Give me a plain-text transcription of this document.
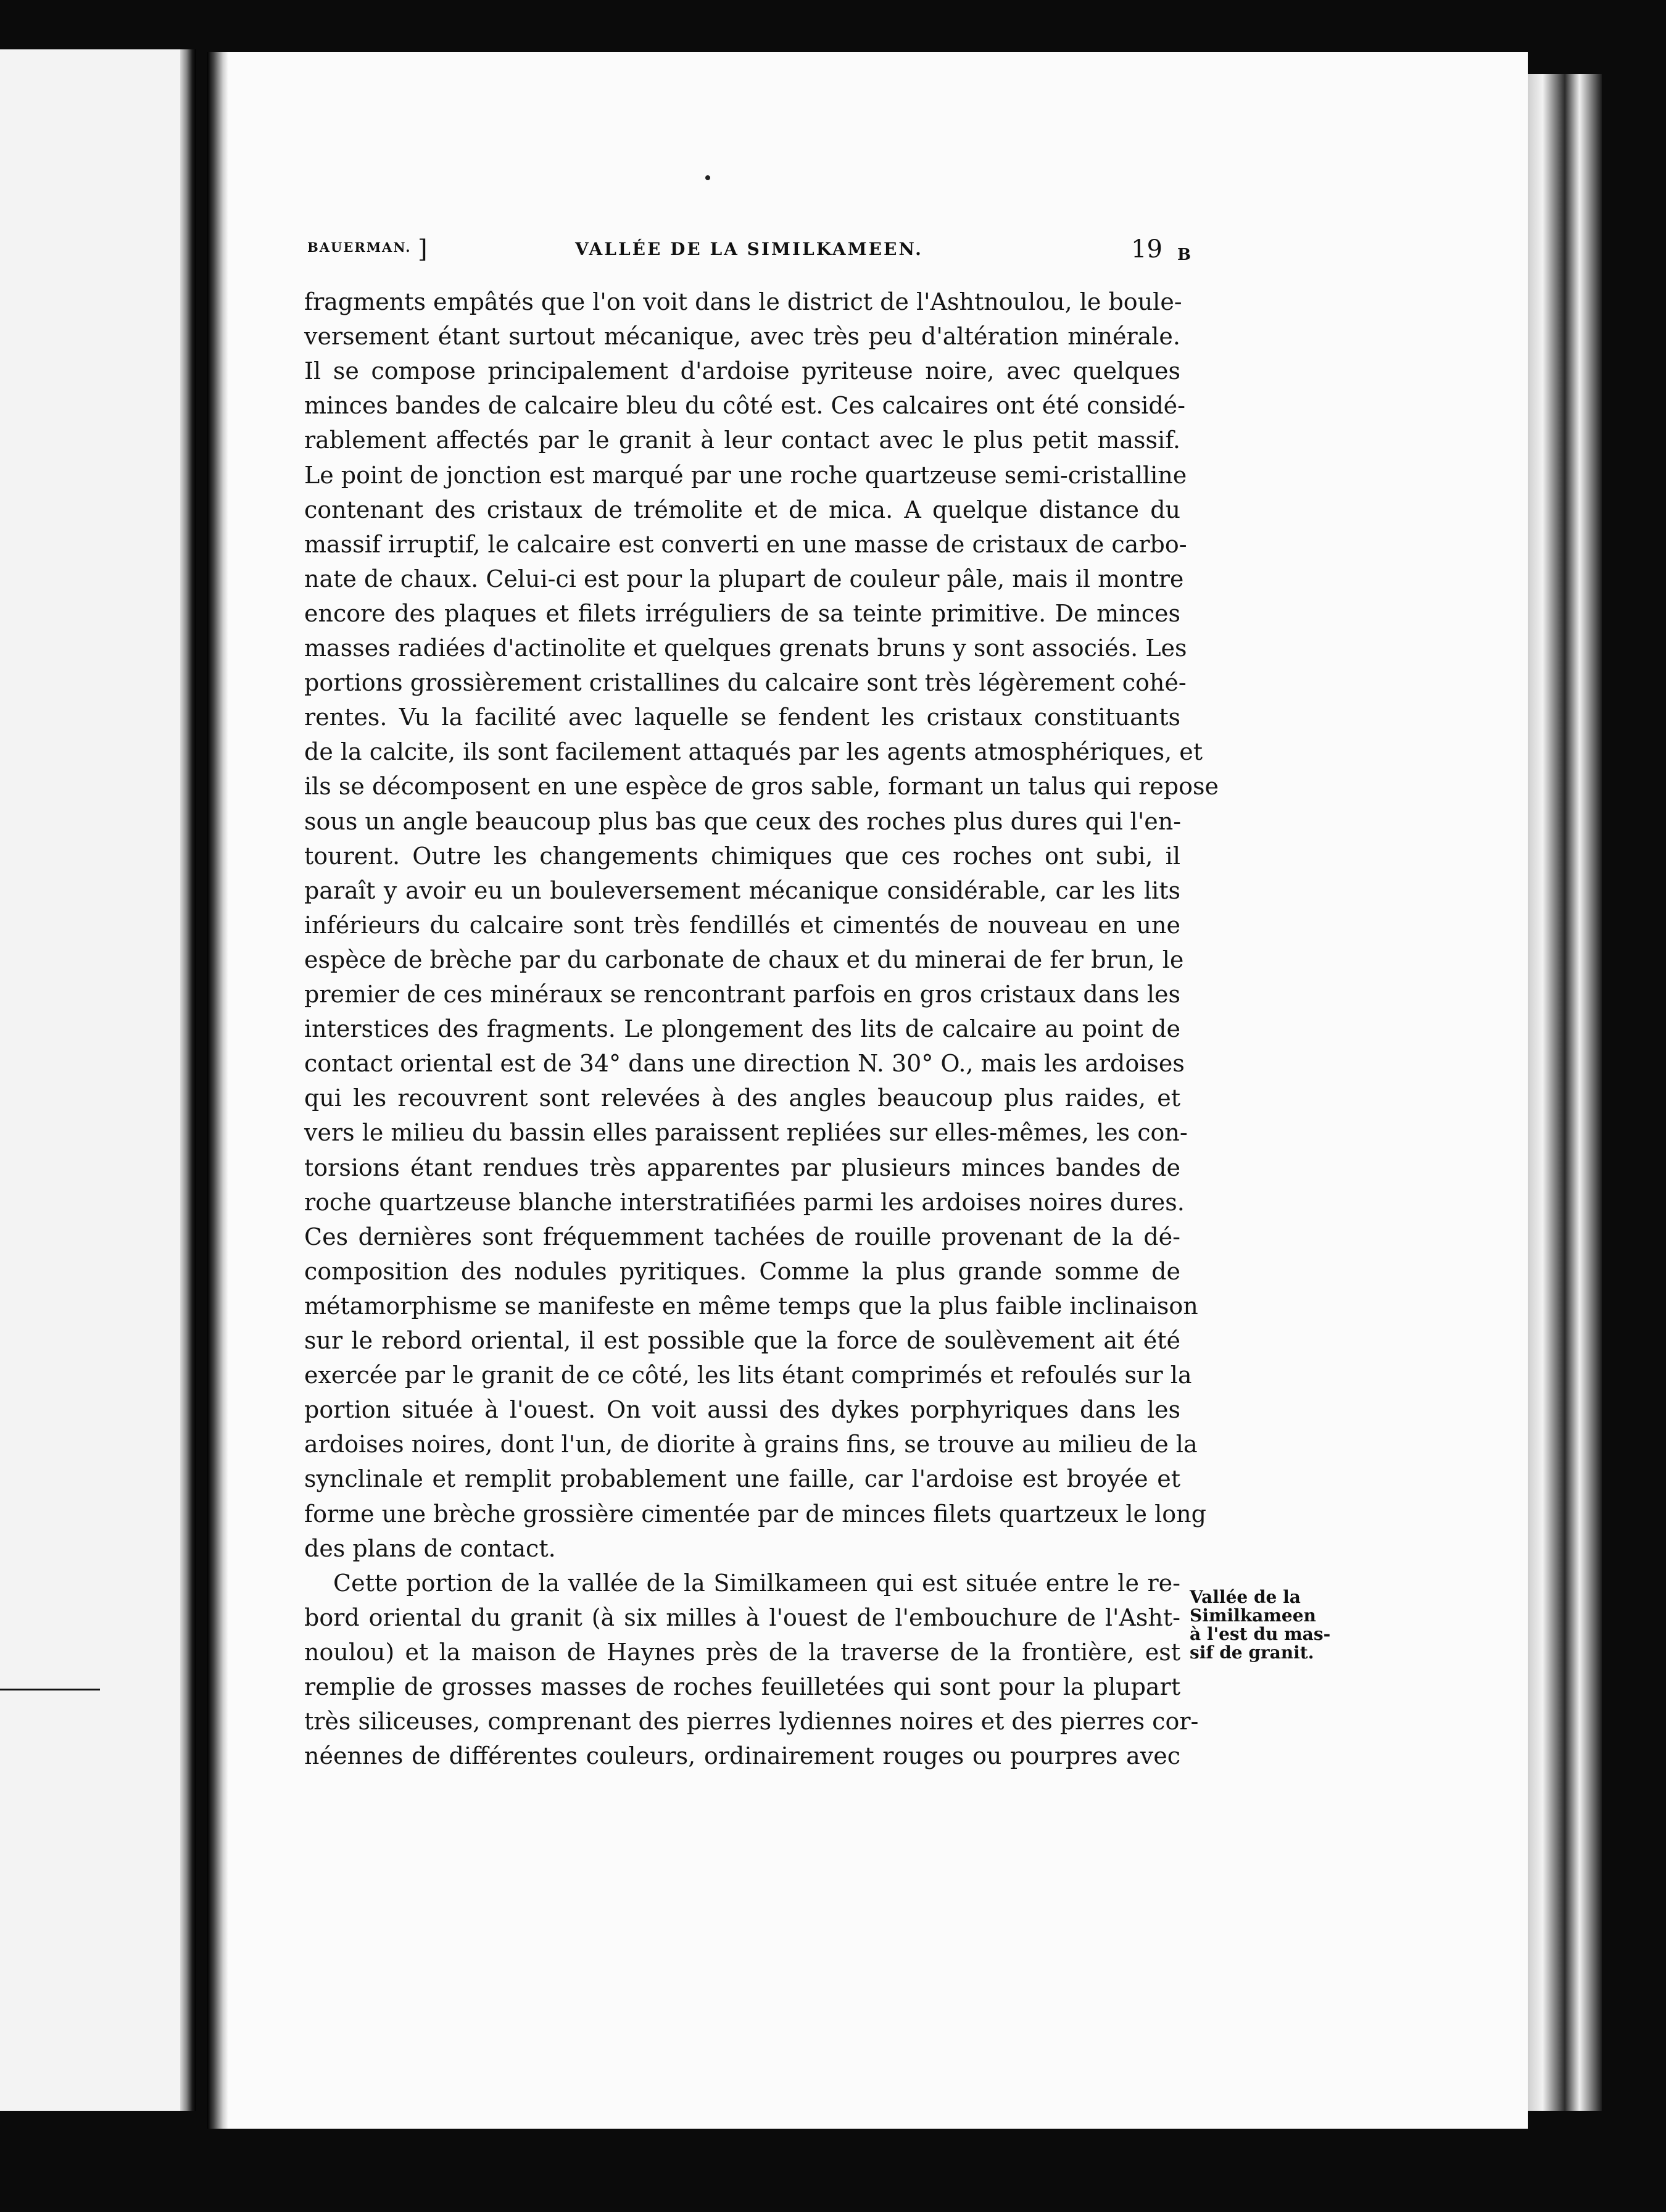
BAUERMAN. ]	VALLÉE DE LA SIMILKAMEEN.	19 B
fragments empâtés que l'on voit dans le district de l'Ashtnoulou, le boule-
versement étant surtout mécanique, avec très peu d'altération minérale.
Il se compose principalement d'ardoise pyriteuse noire, avec quelques
minces bandes de calcaire bleu du côté est. Ces calcaires ont été considé-
rablement affectés par le granit à leur contact avec le plus petit massif.
Le point de jonction est marqué par une roche quartzeuse semi-cristalline
contenant des cristaux de trémolite et de mica. A quelque distance du
massif irruptif, le calcaire est converti en une masse de cristaux de carbo-
nate de chaux. Celui-ci est pour la plupart de couleur pâle, mais il montre
encore des plaques et filets irréguliers de sa teinte primitive. De minces
masses radiées d'actinolite et quelques grenats bruns y sont associés. Les
portions grossièrement cristallines du calcaire sont très légèrement cohé-
rentes. Vu la facilité avec laquelle se fendent les cristaux constituants
de la calcite, ils sont facilement attaqués par les agents atmosphériques, et
ils se décomposent en une espèce de gros sable, formant un talus qui repose
sous un angle beaucoup plus bas que ceux des roches plus dures qui l'en-
tourent. Outre les changements chimiques que ces roches ont subi, il
paraît y avoir eu un bouleversement mécanique considérable, car les lits
inférieurs du calcaire sont très fendillés et cimentés de nouveau en une
espèce de brèche par du carbonate de chaux et du minerai de fer brun, le
premier de ces minéraux se rencontrant parfois en gros cristaux dans les
interstices des fragments. Le plongement des lits de calcaire au point de
contact oriental est de 34° dans une direction N. 30° O., mais les ardoises
qui les recouvrent sont relevées à des angles beaucoup plus raides, et
vers le milieu du bassin elles paraissent repliées sur elles-mêmes, les con-
torsions étant rendues très apparentes par plusieurs minces bandes de
roche quartzeuse blanche interstratifiées parmi les ardoises noires dures.
Ces dernières sont fréquemment tachées de rouille provenant de la dé-
composition des nodules pyritiques. Comme la plus grande somme de
métamorphisme se manifeste en même temps que la plus faible inclinaison
sur le rebord oriental, il est possible que la force de soulèvement ait été
exercée par le granit de ce côté, les lits étant comprimés et refoulés sur la
portion située à l'ouest. On voit aussi des dykes porphyriques dans les
ardoises noires, dont l'un, de diorite à grains fins, se trouve au milieu de la
synclinale et remplit probablement une faille, car l'ardoise est broyée et
forme une brèche grossière cimentée par de minces filets quartzeux le long
des plans de contact.
Cette portion de la vallée de la Similkameen qui est située entre le re-
bord oriental du granit (à six milles à l'ouest de l'embouchure de l'Asht-
noulou) et la maison de Haynes près de la traverse de la frontière, est
remplie de grosses masses de roches feuilletées qui sont pour la plupart
très siliceuses, comprenant des pierres lydiennes noires et des pierres cor-
néennes de différentes couleurs, ordinairement rouges ou pourpres avec
Vallée de la
Similkameen
à l'est du mas-
sif de granit.
